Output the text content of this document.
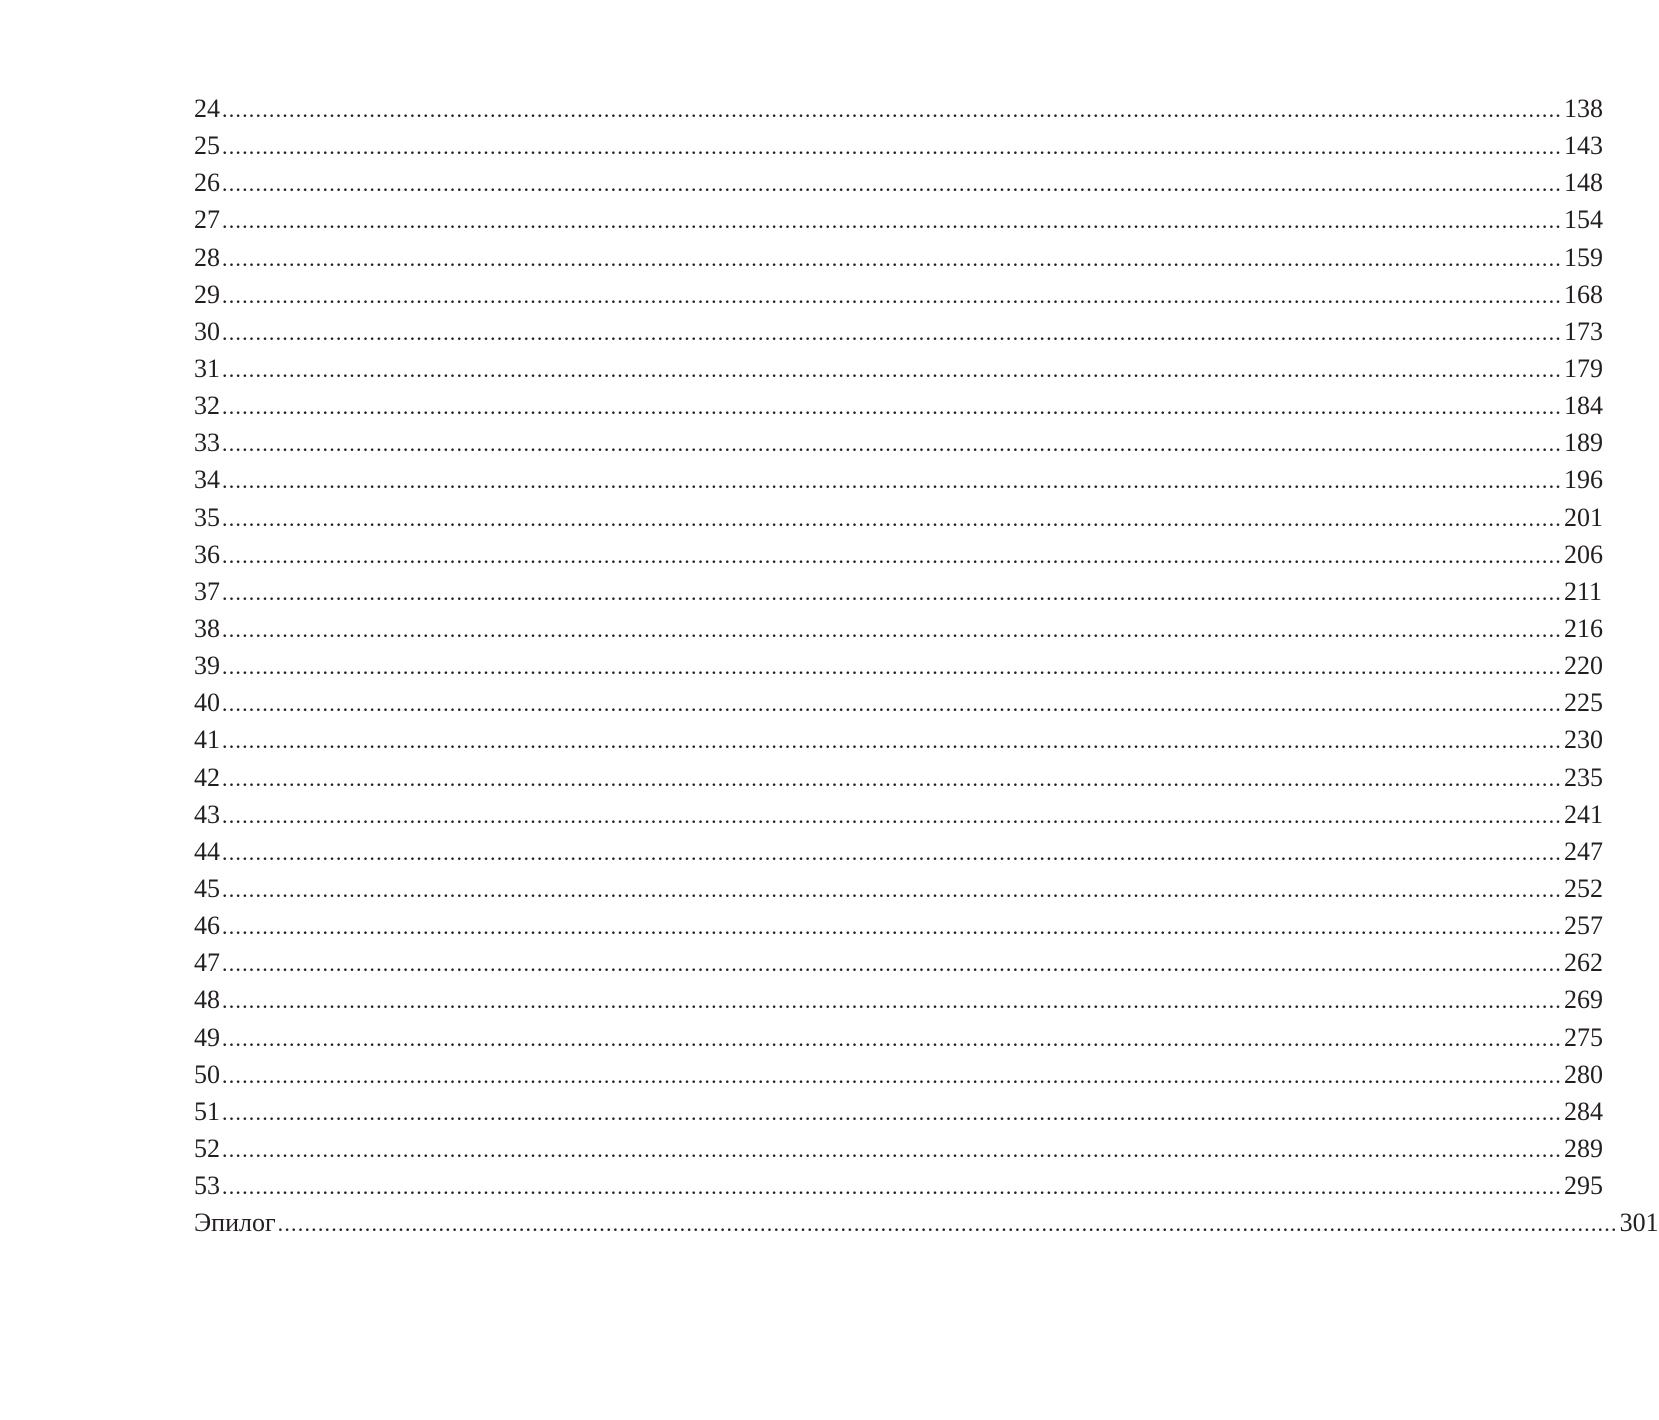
24 ........................................................................................................................................................................................................ 138
25 ........................................................................................................................................................................................................ 143
26 ........................................................................................................................................................................................................ 148
27 ........................................................................................................................................................................................................ 154
28 ........................................................................................................................................................................................................ 159
29 ........................................................................................................................................................................................................ 168
30 ........................................................................................................................................................................................................ 173
31 ........................................................................................................................................................................................................ 179
32 ........................................................................................................................................................................................................ 184
33 ........................................................................................................................................................................................................ 189
34 ........................................................................................................................................................................................................ 196
35 ........................................................................................................................................................................................................ 201
36 ........................................................................................................................................................................................................ 206
37 ........................................................................................................................................................................................................ 211
38 ........................................................................................................................................................................................................ 216
39 ........................................................................................................................................................................................................ 220
40 ........................................................................................................................................................................................................ 225
41 ........................................................................................................................................................................................................ 230
42 ........................................................................................................................................................................................................ 235
43 ........................................................................................................................................................................................................ 241
44 ........................................................................................................................................................................................................ 247
45 ........................................................................................................................................................................................................ 252
46 ........................................................................................................................................................................................................ 257
47 ........................................................................................................................................................................................................ 262
48 ........................................................................................................................................................................................................ 269
49 ........................................................................................................................................................................................................ 275
50 ........................................................................................................................................................................................................ 280
51 ........................................................................................................................................................................................................ 284
52 ........................................................................................................................................................................................................ 289
53 ........................................................................................................................................................................................................ 295
Эпилог ........................................................................................................................................................................................................ 301
